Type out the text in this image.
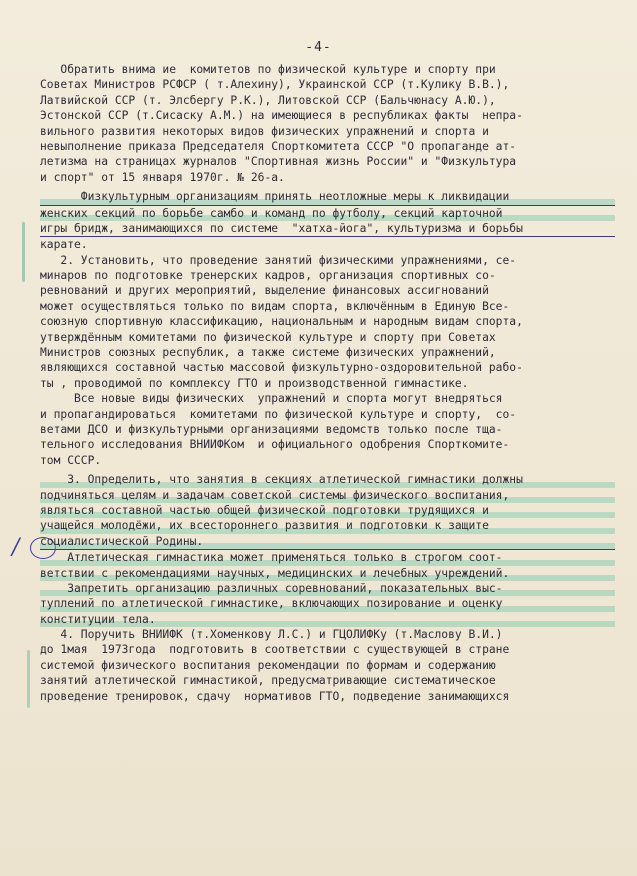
-4-
/
Обратить внима ие  комитетов по физической культуре и спорту при
Советах Министров РСФСР ( т.Алехину), Украинской ССР (т.Кулику В.В.),
Латвийской ССР (т. Элсбергу Р.К.), Литовской ССР (Бальчюнасу А.Ю.),
Эстонской ССР (т.Сисаску А.М.) на имеющиеся в республиках факты  непра-
вильного развития некоторых видов физических упражнений и спорта и
невыполнение приказа Председателя Спорткомитета СССР "О пропаганде ат-
летизма на страницах журналов "Спортивная жизнь России" и "Физкультура
и спорт" от 15 января 1970г. № 26-а.
Физкультурным организациям принять неотложные меры к ликвидации
женских секций по борьбе самбо и команд по футболу, секций карточной
игры бридж, занимающихся по системе  "хатха-йога", культуризма и борьбы
карате.
2. Установить, что проведение занятий физическими упражнениями, се-
минаров по подготовке тренерских кадров, организация спортивных со-
ревнований и других мероприятий, выделение финансовых ассигнований
может осуществляться только по видам спорта, включённым в Единую Все-
союзную спортивную классификацию, национальным и народным видам спорта,
утверждённым комитетами по физической культуре и спорту при Советах
Министров союзных республик, а также системе физических упражнений,
являющихся составной частью массовой физкультурно-оздоровительной рабо-
ты , проводимой по комплексу ГТО и производственной гимнастике.
Все новые виды физических  упражнений и спорта могут внедряться
и пропагандироваться  комитетами по физической культуре и спорту,  со-
ветами ДСО и физкультурными организациями ведомств только после тща-
тельного исследования ВНИИФКом  и официального одобрения Спорткомите-
том СССР.
3. Определить, что занятия в секциях атлетической гимнастики должны
подчиняться целям и задачам советской системы физического воспитания,
являться составной частью общей физической подготовки трудящихся и
учащейся молодёжи, их всестороннего развития и подготовки к защите
социалистической Родины.
Атлетическая гимнастика может применяться только в строгом соот-
ветствии с рекомендациями научных, медицинских и лечебных учреждений.
Запретить организацию различных соревнований, показательных выс-
туплений по атлетической гимнастике, включающих позирование и оценку
конституции тела.
4. Поручить ВНИИФК (т.Хоменкову Л.С.) и ГЦОЛИФКу (т.Маслову В.И.)
до 1мая  1973года  подготовить в соответствии с существующей в стране
системой физического воспитания рекомендации по формам и содержанию
занятий атлетической гимнастикой, предусматривающие систематическое
проведение тренировок, сдачу  нормативов ГТО, подведение занимающихся
